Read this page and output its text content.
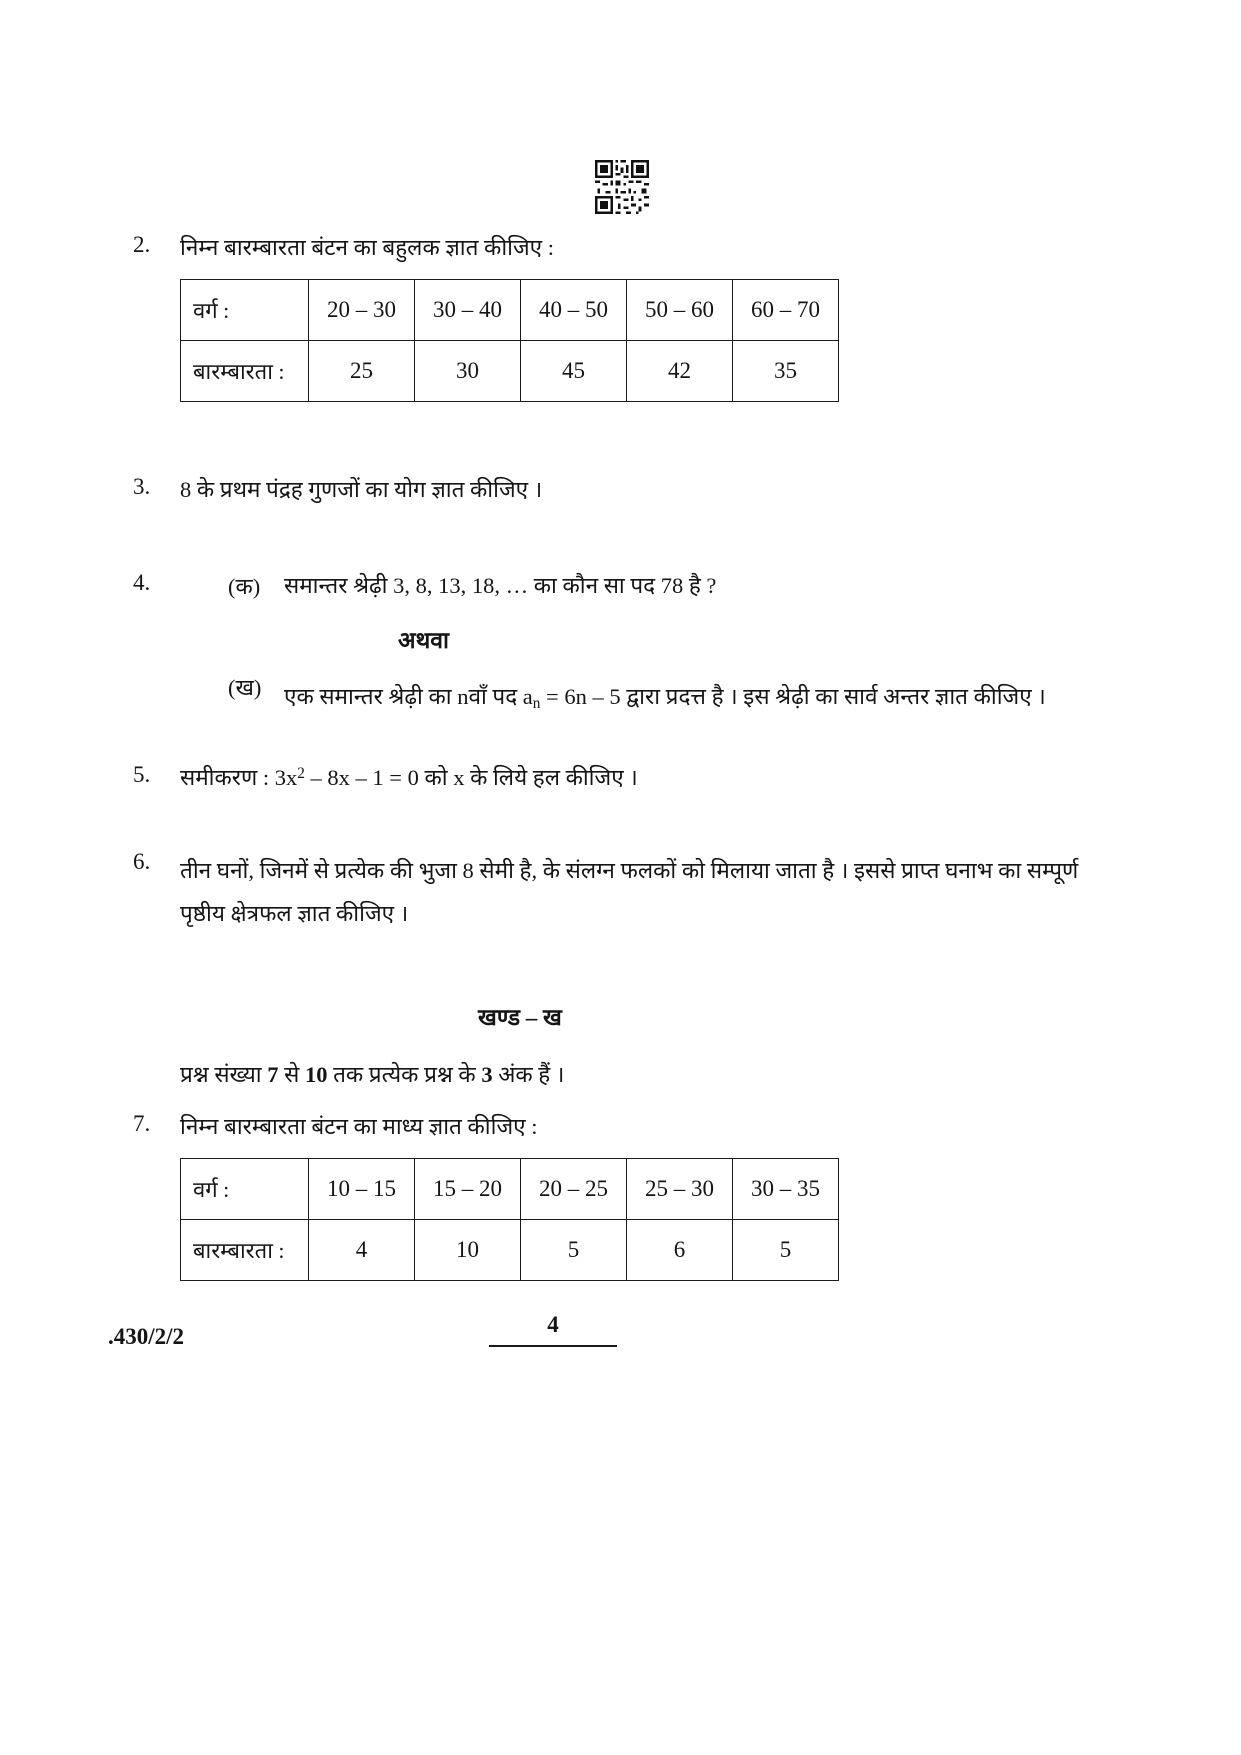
2.	निम्न बारम्बारता बंटन का बहुलक ज्ञात कीजिए :

वर्ग :	20 – 30	30 – 40	40 – 50	50 – 60	60 – 70
बारम्बारता :	25	30	45	42	35
3.	8 के प्रथम पंद्रह गुणजों का योग ज्ञात कीजिए ।

4.	(क)	समान्तर श्रेढ़ी 3, 8, 13, 18, … का कौन सा पद 78 है ?
अथवा
(ख)	एक समान्तर श्रेढ़ी का nवाँ पद $a_n = 6n - 5$ द्वारा प्रदत्त है । इस श्रेढ़ी का सार्व अन्तर ज्ञात कीजिए ।
5.	समीकरण : $3x^2 - 8x - 1 = 0$ को x के लिये हल कीजिए ।

6.	तीन घनों, जिनमें से प्रत्येक की भुजा 8 सेमी है, के संलग्न फलकों को मिलाया जाता है । इससे प्राप्त घनाभ का सम्पूर्ण पृष्ठीय क्षेत्रफल ज्ञात कीजिए ।

खण्ड – ख

प्रश्न संख्या 7 से 10 तक प्रत्येक प्रश्न के 3 अंक हैं ।

7.	निम्न बारम्बारता बंटन का माध्य ज्ञात कीजिए :

वर्ग :	10 – 15	15 – 20	20 – 25	25 – 30	30 – 35
बारम्बारता :	4	10	5	6	5
.430/2/2	4
